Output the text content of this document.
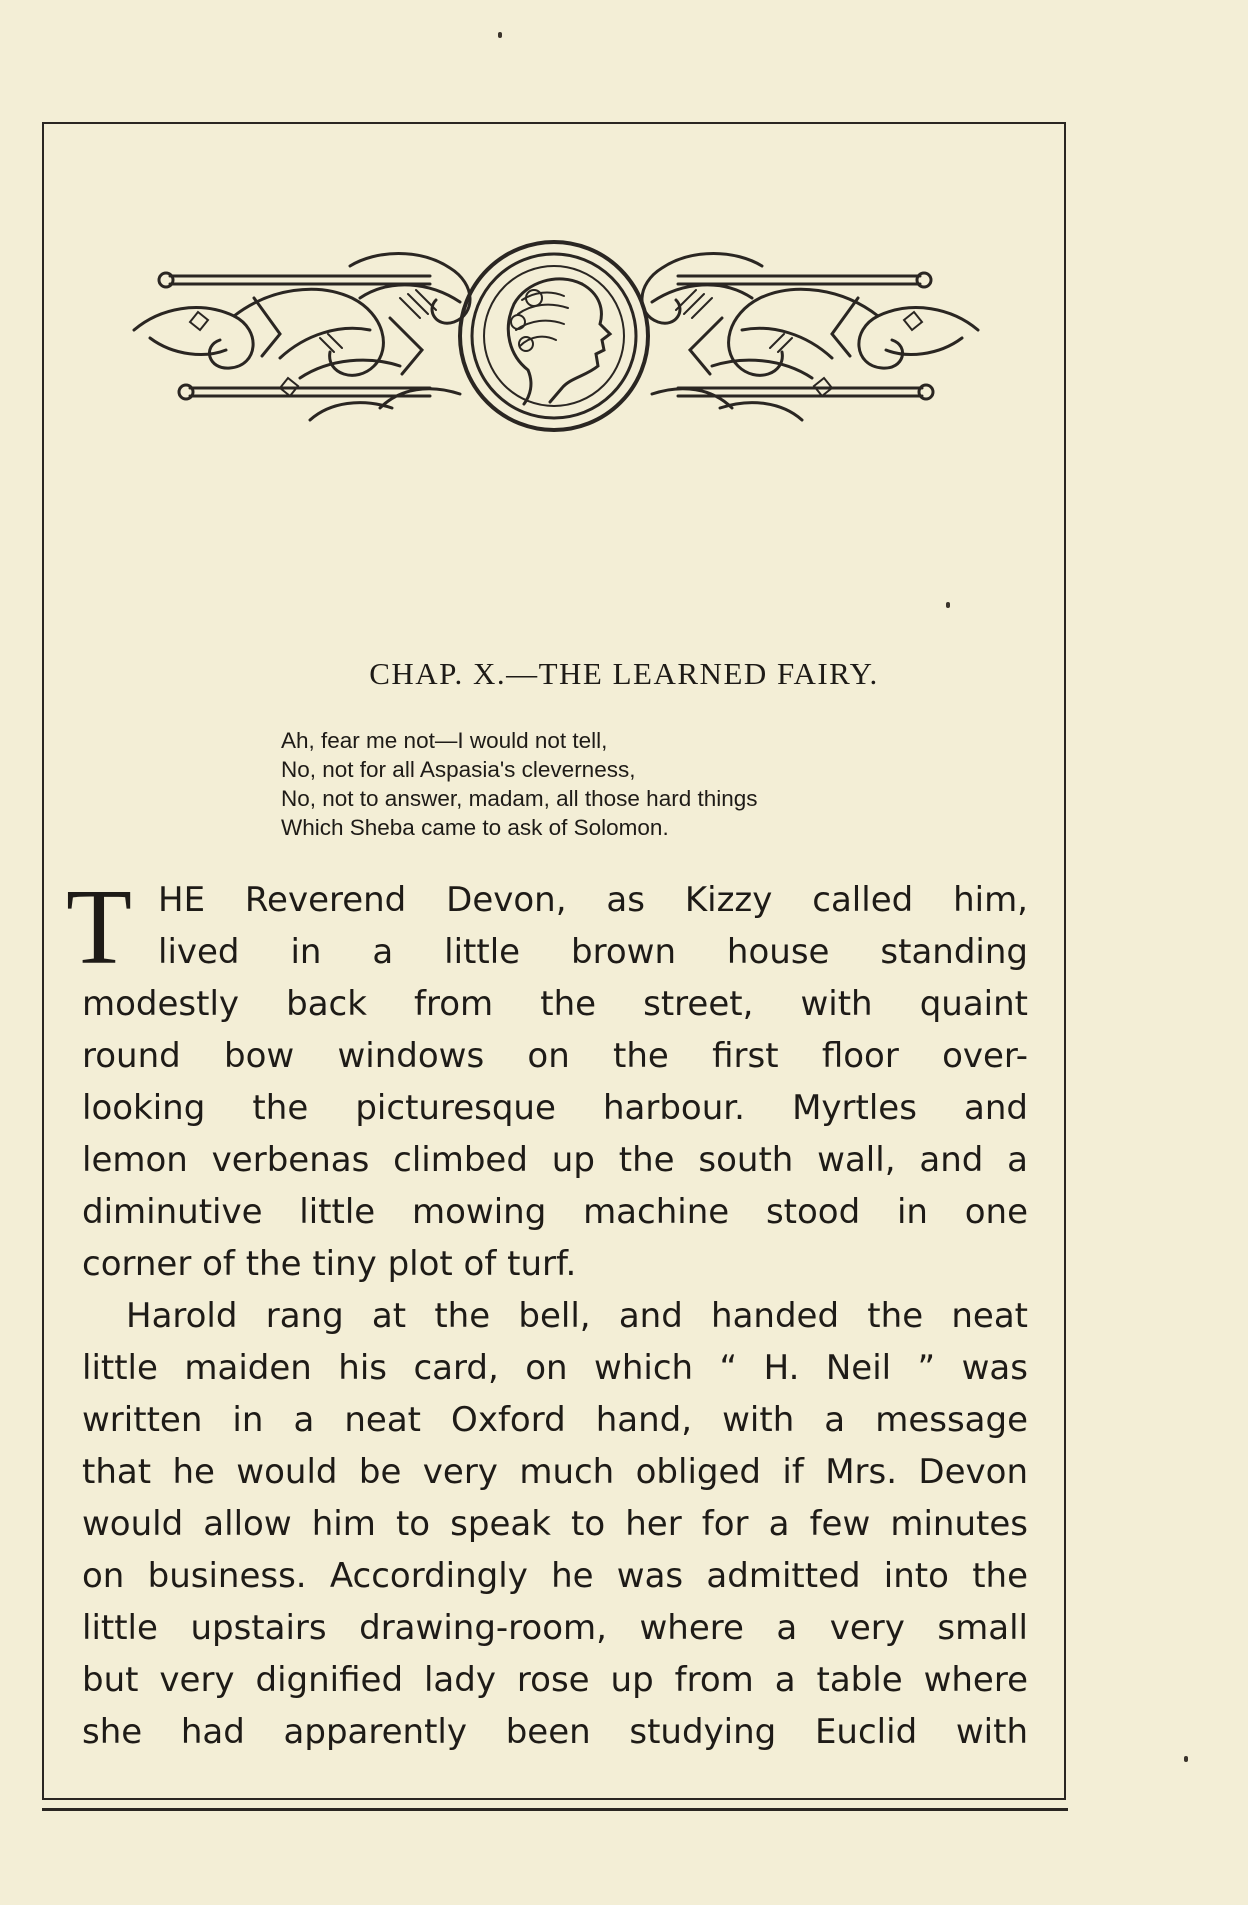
CHAP. X.—THE LEARNED FAIRY.
Ah, fear me not—I would not tell,
No, not for all Aspasia's cleverness,
No, not to answer, madam, all those hard things
Which Sheba came to ask of Solomon.
T HE Reverend Devon, as Kizzy called him,
lived in a little brown house standing
modestly back from the street, with quaint
round bow windows on the first floor over-
looking the picturesque harbour. Myrtles and
lemon verbenas climbed up the south wall, and a
diminutive little mowing machine stood in one
corner of the tiny plot of turf.
Harold rang at the bell, and handed the neat
little maiden his card, on which “ H. Neil ” was
written in a neat Oxford hand, with a message
that he would be very much obliged if Mrs. Devon
would allow him to speak to her for a few minutes
on business. Accordingly he was admitted into the
little upstairs drawing-room, where a very small
but very dignified lady rose up from a table where
she had apparently been studying Euclid with
